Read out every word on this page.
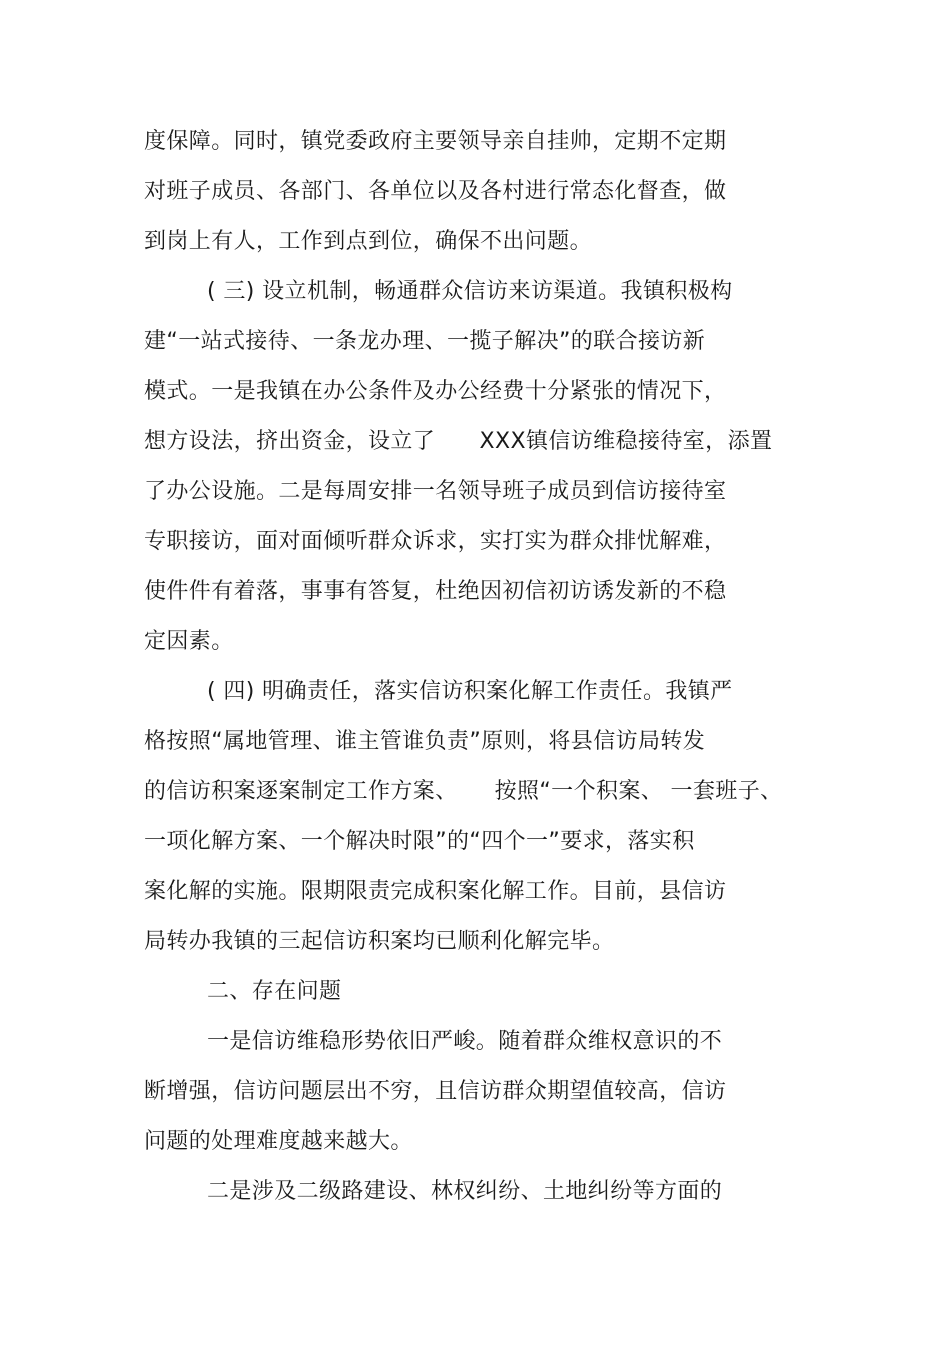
度保障。同时，镇党委政府主要领导亲自挂帅，定期不定期
对班子成员、各部门、各单位以及各村进行常态化督查，做
到岗上有人，工作到点到位，确保不出问题。
( 三) 设立机制，畅通群众信访来访渠道。我镇积极构
建“一站式接待、一条龙办理、一揽子解决”的联合接访新
模式。一是我镇在办公条件及办公经费十分紧张的情况下，
想方设法，挤出资金，设立了      XXX镇信访维稳接待室，添置
了办公设施。二是每周安排一名领导班子成员到信访接待室
专职接访，面对面倾听群众诉求，实打实为群众排忧解难，
使件件有着落，事事有答复，杜绝因初信初访诱发新的不稳
定因素。
( 四) 明确责任，落实信访积案化解工作责任。我镇严
格按照“属地管理、谁主管谁负责”原则，将县信访局转发
的信访积案逐案制定工作方案、     按照“一个积案、 一套班子、
一项化解方案、一个解决时限”的“四个一”要求，落实积
案化解的实施。限期限责完成积案化解工作。目前，县信访
局转办我镇的三起信访积案均已顺利化解完毕。
二、存在问题
一是信访维稳形势依旧严峻。随着群众维权意识的不
断增强，信访问题层出不穷，且信访群众期望值较高，信访
问题的处理难度越来越大。
二是涉及二级路建设、林权纠纷、土地纠纷等方面的
